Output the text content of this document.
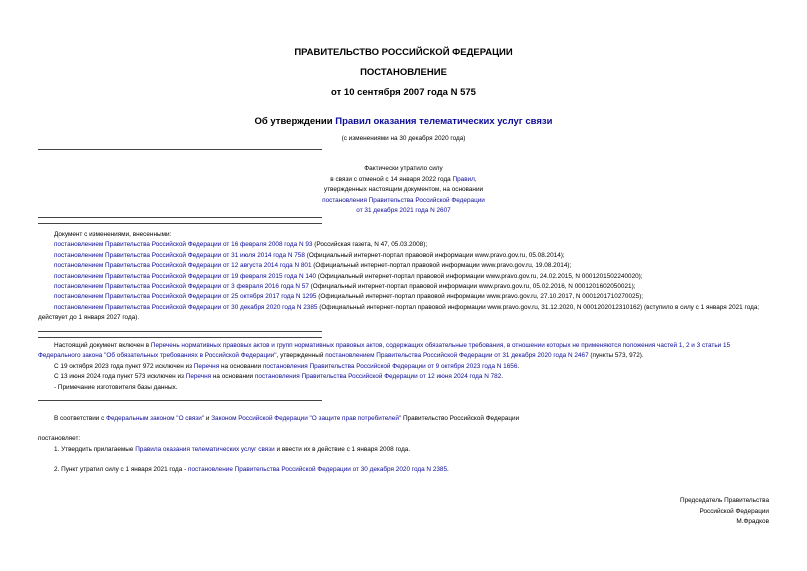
ПРАВИТЕЛЬСТВО РОССИЙСКОЙ ФЕДЕРАЦИИ
ПОСТАНОВЛЕНИЕ
от 10 сентября 2007 года N 575
Об утверждении Правил оказания телематических услуг связи
(с изменениями на 30 декабря 2020 года)
Фактически утратило силу
в связи с отменой с 14 января 2022 года Правил,
утвержденных настоящим документом, на основании
постановления Правительства Российской Федерации
от 31 декабря 2021 года N 2607
Документ с изменениями, внесенными:
постановлением Правительства Российской Федерации от 16 февраля 2008 года N 93 (Российская газета, N 47, 05.03.2008);
постановлением Правительства Российской Федерации от 31 июля 2014 года N 758 (Официальный интернет-портал правовой информации www.pravo.gov.ru, 05.08.2014);
постановлением Правительства Российской Федерации от 12 августа 2014 года N 801 (Официальный интернет-портал правовой информации www.pravo.gov.ru, 19.08.2014);
постановлением Правительства Российской Федерации от 19 февраля 2015 года N 140 (Официальный интернет-портал правовой информации www.pravo.gov.ru, 24.02.2015, N 0001201502240020);
постановлением Правительства Российской Федерации от 3 февраля 2016 года N 57 (Официальный интернет-портал правовой информации www.pravo.gov.ru, 05.02.2016, N 0001201602050021);
постановлением Правительства Российской Федерации от 25 октября 2017 года N 1295 (Официальный интернет-портал правовой информации www.pravo.gov.ru, 27.10.2017, N 0001201710270025);
постановлением Правительства Российской Федерации от 30 декабря 2020 года N 2385 (Официальный интернет-портал правовой информации www.pravo.gov.ru, 31.12.2020, N 0001202012310162) (вступило в силу с 1 января 2021 года; действует до 1 января 2027 года).
Настоящий документ включен в Перечень нормативных правовых актов и групп нормативных правовых актов, содержащих обязательные требования, в отношении которых не применяются положения частей 1, 2 и 3 статьи 15 Федерального закона "Об обязательных требованиях в Российской Федерации", утвержденный постановлением Правительства Российской Федерации от 31 декабря 2020 года N 2467 (пункты 573, 972).
С 19 октября 2023 года пункт 972 исключен из Перечня на основании постановления Правительства Российской Федерации от 9 октября 2023 года N 1656.
С 13 июня 2024 года пункт 573 исключен из Перечня на основании постановления Правительства Российской Федерации от 12 июня 2024 года N 782.
- Примечание изготовителя базы данных.
В соответствии с Федеральным законом "О связи" и Законом Российской Федерации "О защите прав потребителей" Правительство Российской Федерации
постановляет:
1. Утвердить прилагаемые Правила оказания телематических услуг связи и ввести их в действие с 1 января 2008 года.
2. Пункт утратил силу с 1 января 2021 года - постановление Правительства Российской Федерации от 30 декабря 2020 года N 2385.
Председатель Правительства
Российской Федерации
М.Фрадков
